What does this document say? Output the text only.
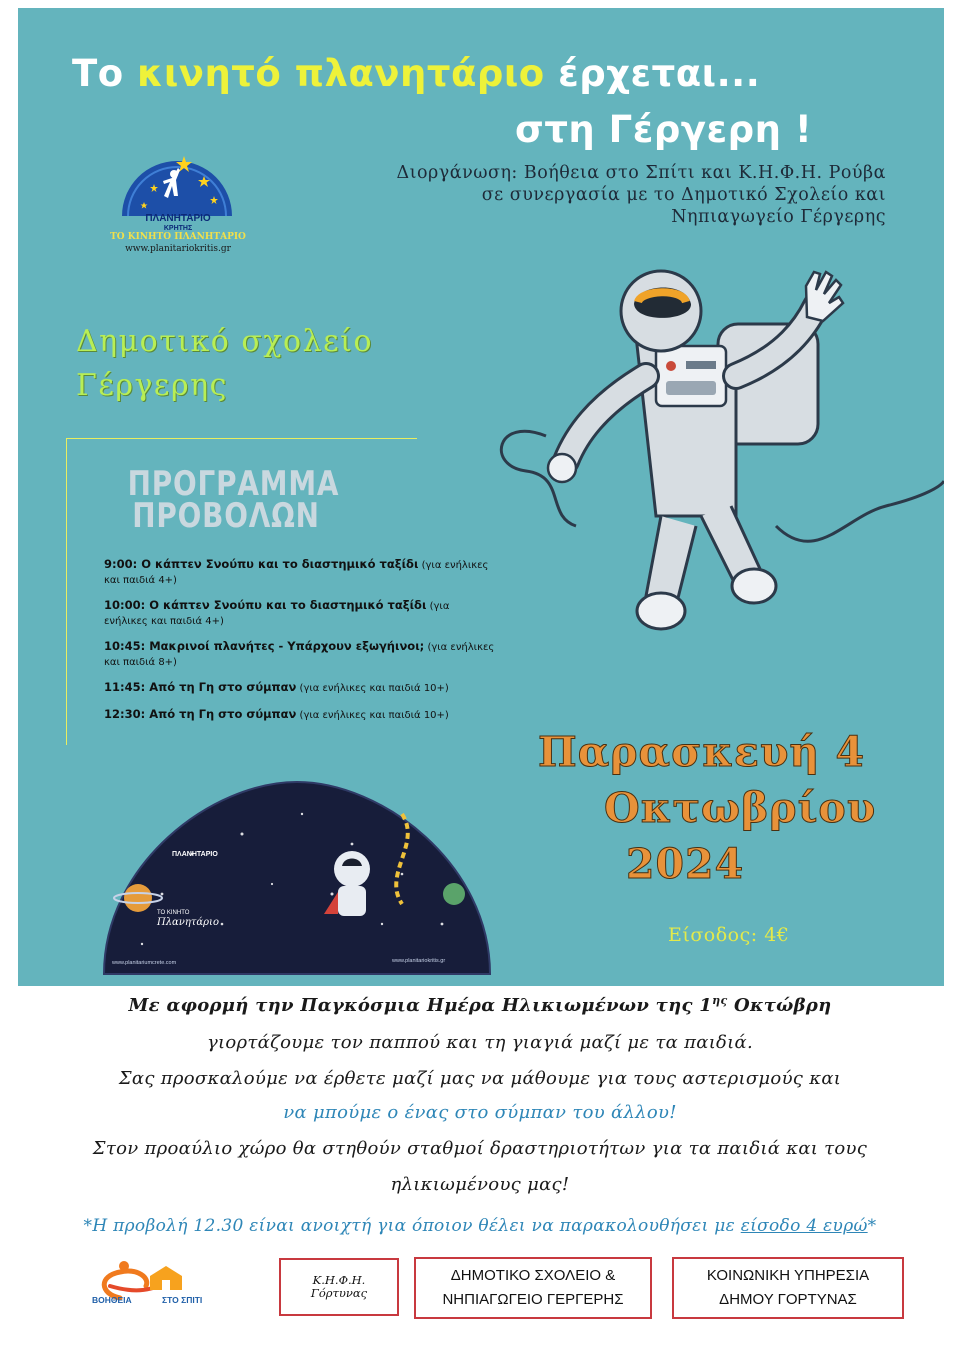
Το κινητό πλανητάριο έρχεται...
στη Γέργερη !
Διοργάνωση: Βοήθεια στο Σπίτι και Κ.Η.Φ.Η. Ρούβα
σε συνεργασία με το Δημοτικό Σχολείο και
Νηπιαγωγείο Γέργερης
ΠΛΑΝΗΤΑΡΙΟ
ΚΡΗΤΗΣ
ΤΟ ΚΙΝΗΤΟ ΠΛΑΝΗΤΑΡΙΟ
www.planitariokritis.gr
Δημοτικό σχολείο
Γέργερης
ΠΡΟΓΡΑΜΜΑ
ΠΡΟΒΟΛΩΝ
9:00: Ο κάπτεν Σνούπυ και το διαστημικό ταξίδι (για ενήλικες και παιδιά 4+)
10:00: Ο κάπτεν Σνούπυ και το διαστημικό ταξίδι (για ενήλικες και παιδιά 4+)
10:45: Μακρινοί πλανήτες - Υπάρχουν εξωγήινοι; (για ενήλικες και παιδιά 8+)
11:45: Από τη Γη στο σύμπαν (για ενήλικες και παιδιά 10+)
12:30: Από τη Γη στο σύμπαν (για ενήλικες και παιδιά 10+)
ΠΛΑΝΗΤΑΡΙΟ
ΤΟ ΚΙΝΗΤΟ
Πλανητάριο
www.planitariumcrete.com	www.planitariokritis.gr
Παρασκευή 4
Οκτωβρίου
2024
Είσοδος: 4€
Με αφορμή την Παγκόσμια Ημέρα Ηλικιωμένων της $1^{\eta\varsigma}$ Οκτώβρη
γιορτάζουμε τον παππού και τη γιαγιά μαζί με τα παιδιά.
Σας προσκαλούμε να έρθετε μαζί μας να μάθουμε για τους αστερισμούς και
να μπούμε ο ένας στο σύμπαν του άλλου!
Στον προαύλιο χώρο θα στηθούν σταθμοί δραστηριοτήτων για τα παιδιά και τους
ηλικιωμένους μας!
*Η προβολή 12.30 είναι ανοιχτή για όποιον θέλει να παρακολουθήσει με είσοδο 4 ευρώ*
ΒΟΗΘΕΙΑ	ΣΤΟ ΣΠΙΤΙ
Κ.Η.Φ.Η.
Γόρτυνας
ΔΗΜΟΤΙΚΟ ΣΧΟΛΕΙΟ &
ΝΗΠΙΑΓΩΓΕΙΟ ΓΕΡΓΕΡΗΣ
ΚΟΙΝΩΝΙΚΗ ΥΠΗΡΕΣΙΑ
ΔΗΜΟΥ ΓΟΡΤΥΝΑΣ
